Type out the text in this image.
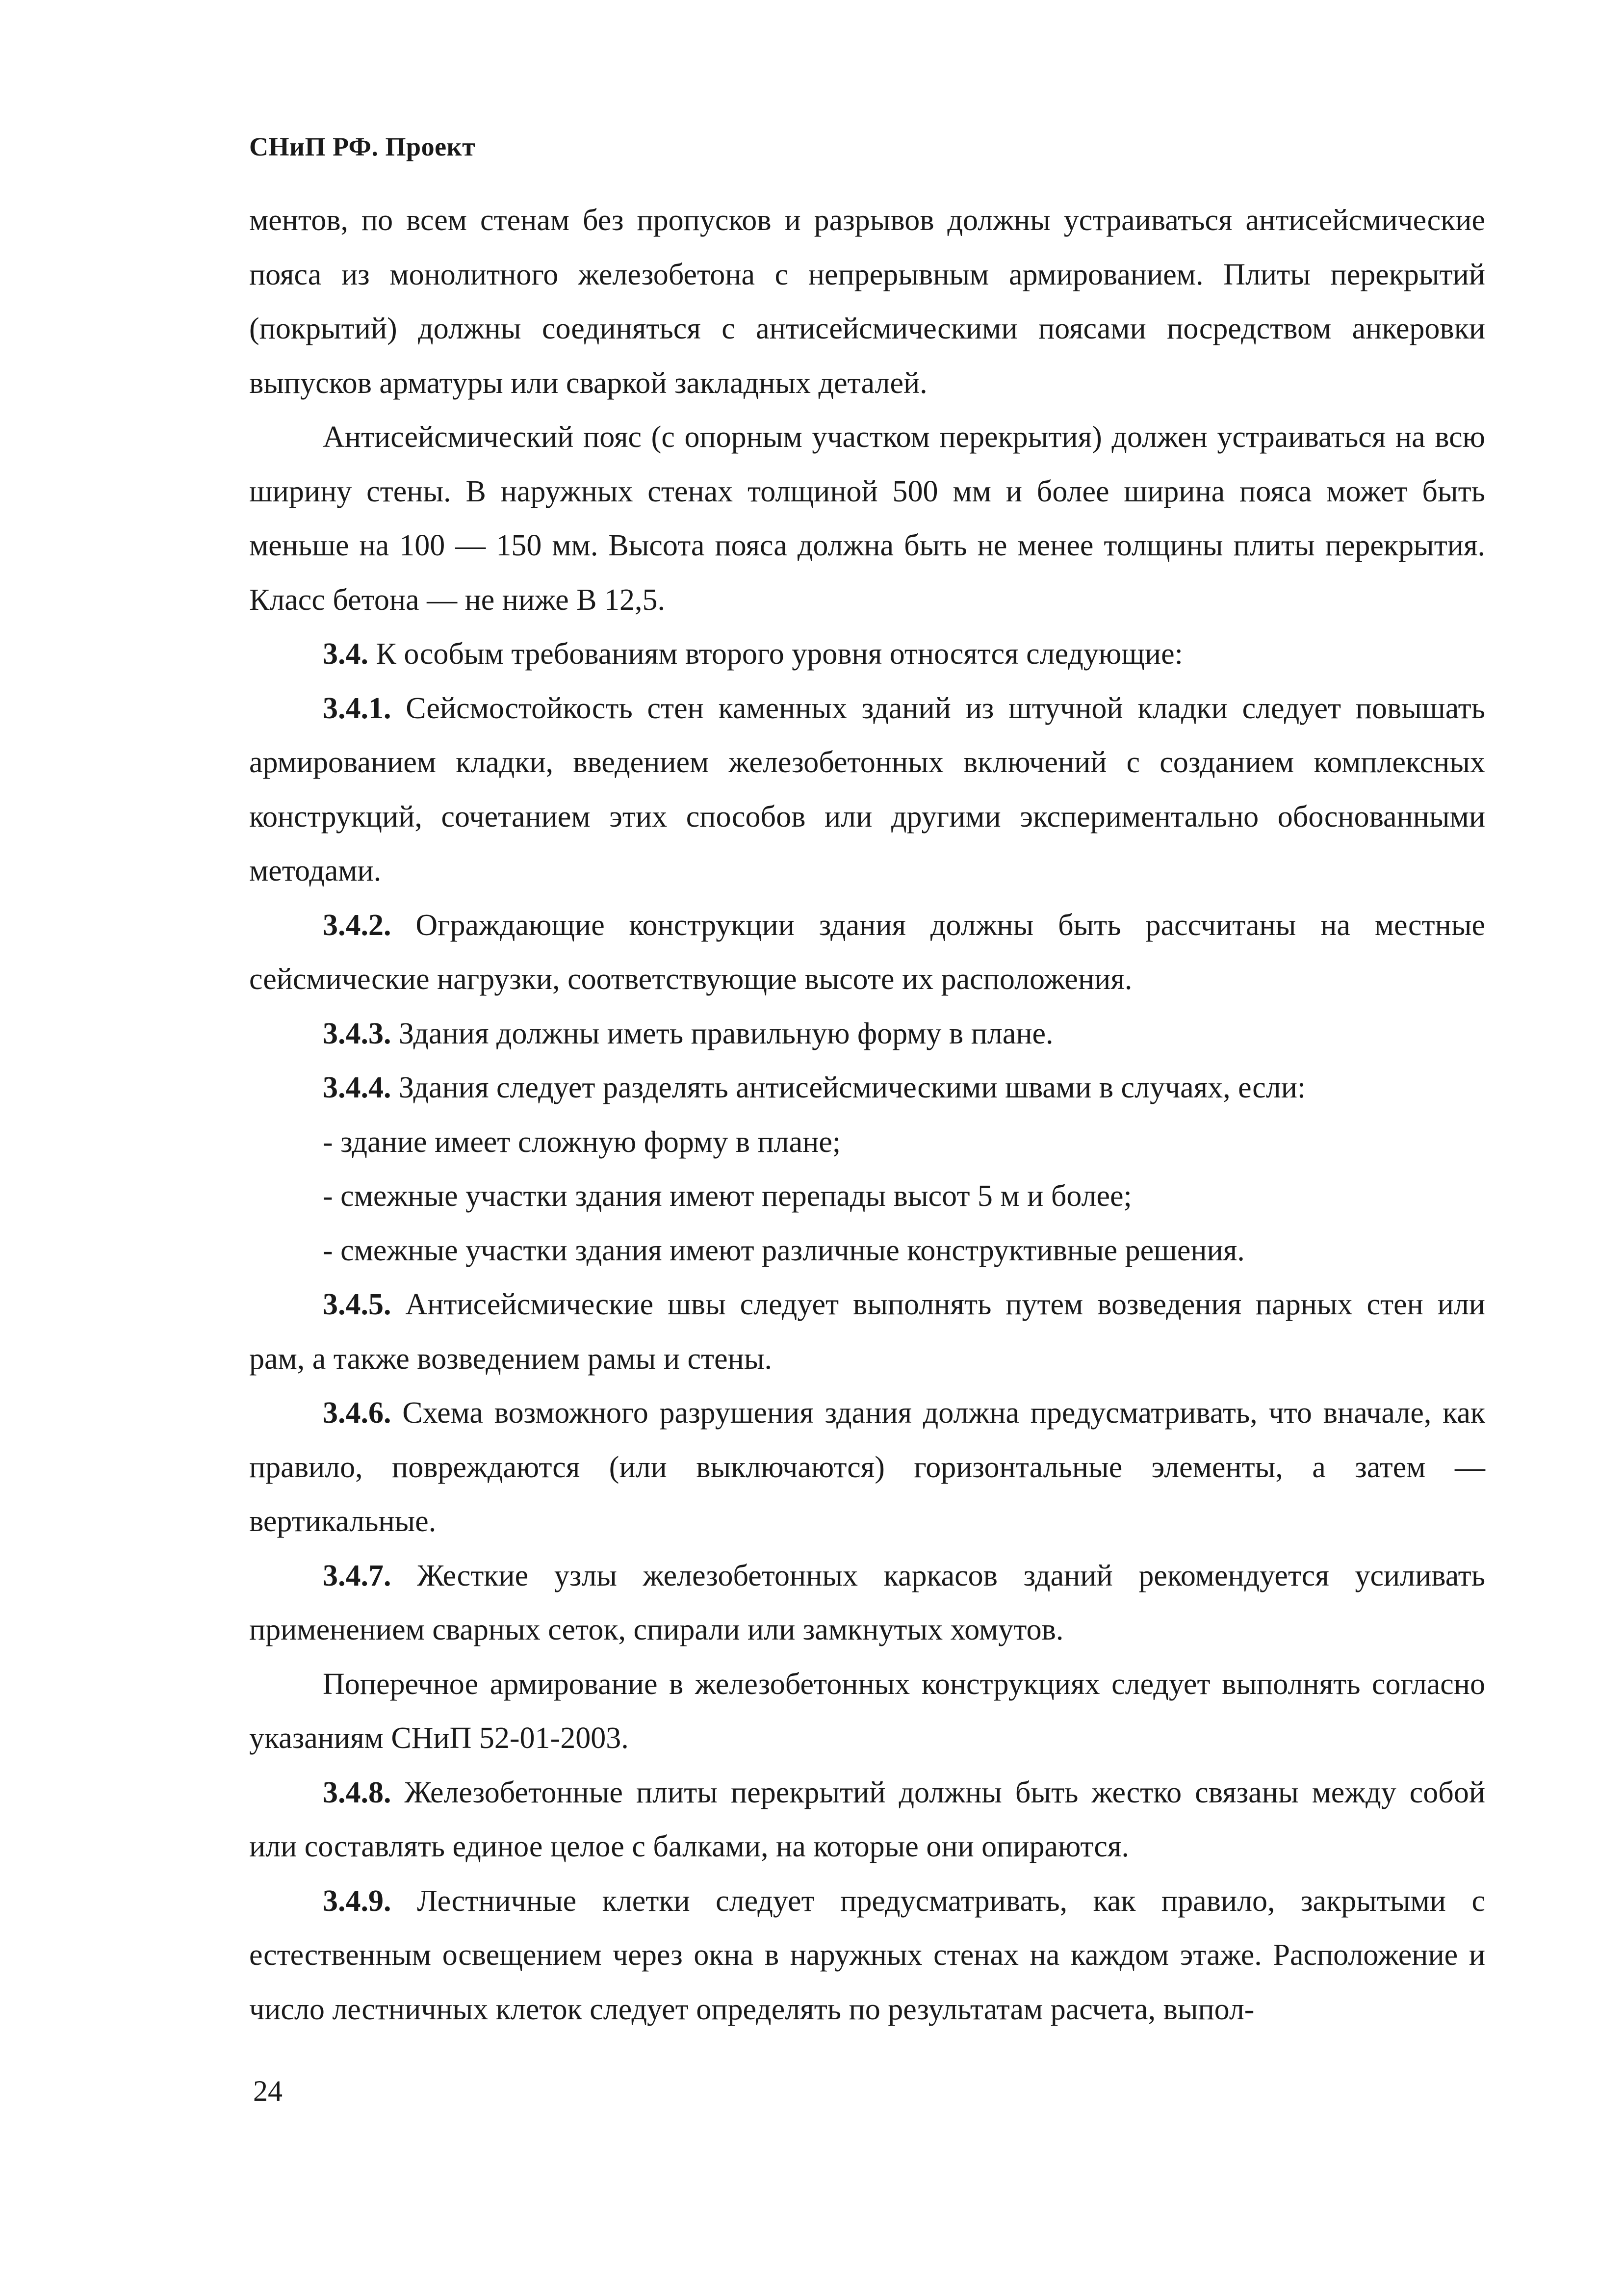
СНиП РФ. Проект

ментов, по всем стенам без пропусков и разрывов должны устраиваться антисейсмические пояса из монолитного железобетона с непрерывным армированием. Плиты перекрытий (покрытий) должны соединяться с антисейсмическими поясами посредством анкеровки выпусков арматуры или сваркой закладных деталей.

Антисейсмический пояс (с опорным участком перекрытия) должен устраиваться на всю ширину стены. В наружных стенах толщиной 500 мм и более ширина пояса может быть меньше на 100 — 150 мм. Высота пояса должна быть не менее толщины плиты перекрытия. Класс бетона — не ниже В 12,5.

3.4. К особым требованиям второго уровня относятся следующие:

3.4.1. Сейсмостойкость стен каменных зданий из штучной кладки следует повышать армированием кладки, введением железобетонных включений с созданием комплексных конструкций, сочетанием этих способов или другими экспериментально обоснованными методами.

3.4.2. Ограждающие конструкции здания должны быть рассчитаны на местные сейсмические нагрузки, соответствующие высоте их расположения.

3.4.3. Здания должны иметь правильную форму в плане.

3.4.4. Здания следует разделять антисейсмическими швами в случаях, если:

- здание имеет сложную форму в плане;

- смежные участки здания имеют перепады высот 5 м и более;

- смежные участки здания имеют различные конструктивные решения.

3.4.5. Антисейсмические швы следует выполнять путем возведения парных стен или рам, а также возведением рамы и стены.

3.4.6. Схема возможного разрушения здания должна предусматривать, что вначале, как правило, повреждаются (или выключаются) горизонтальные элементы, а затем — вертикальные.

3.4.7. Жесткие узлы железобетонных каркасов зданий рекомендуется усиливать применением сварных сеток, спирали или замкнутых хомутов.

Поперечное армирование в железобетонных конструкциях следует выполнять согласно указаниям СНиП 52-01-2003.

3.4.8. Железобетонные плиты перекрытий должны быть жестко связаны между собой или составлять единое целое с балками, на которые они опираются.

3.4.9. Лестничные клетки следует предусматривать, как правило, закрытыми с естественным освещением через окна в наружных стенах на каждом этаже. Расположение и число лестничных клеток следует определять по результатам расчета, выпол-

24
